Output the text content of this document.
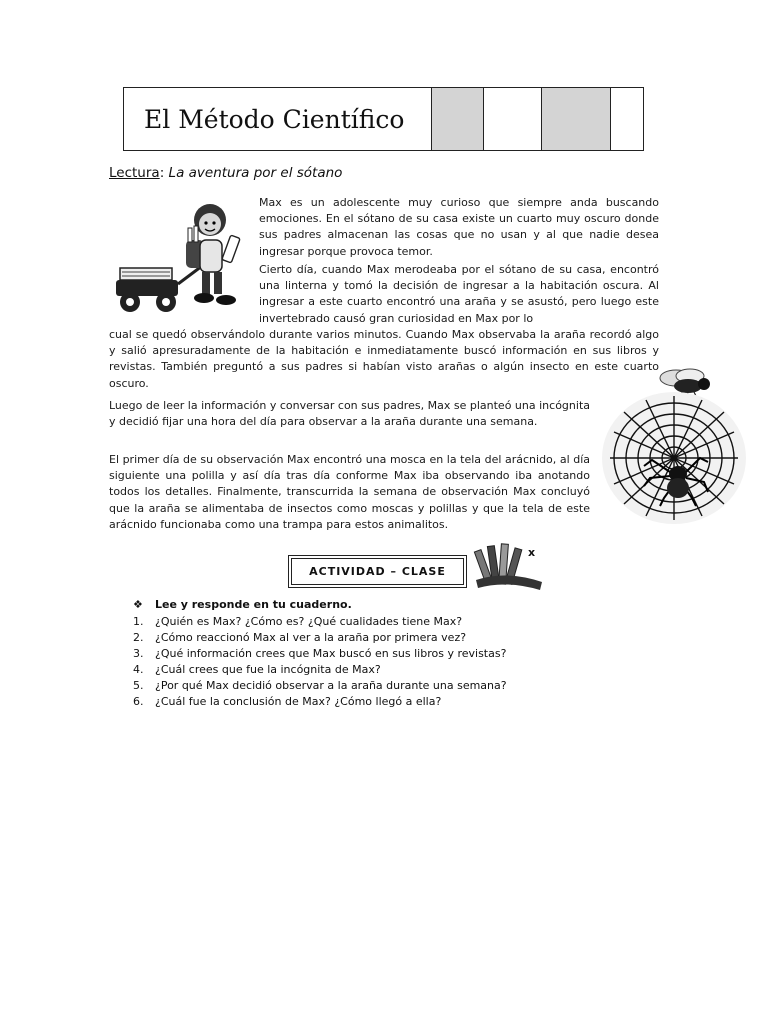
El Método Científico
Lectura: La aventura por el sótano
Max es un adolescente muy curioso que siempre anda buscando emociones. En el sótano de su casa existe un cuarto muy oscuro donde sus padres almacenan las cosas que no usan y al que nadie desea ingresar porque provoca temor.
Cierto día, cuando Max merodeaba por el sótano de su casa, encontró una linterna y tomó la decisión de ingresar a la habitación oscura. Al ingresar a este cuarto encontró una araña y se asustó, pero luego este invertebrado causó gran curiosidad en Max por lo
cual se quedó observándolo durante varios minutos. Cuando Max observaba la araña recordó algo y salió apresuradamente de la habitación e inmediatamente buscó información en sus libros y revistas. También preguntó a sus padres si habían visto arañas o algún insecto en este cuarto oscuro.
Luego de leer la información y conversar con sus padres, Max se planteó una incógnita y decidió fijar una hora del día para observar a la araña durante una semana.
El primer día de su observación Max encontró una mosca en la tela del arácnido, al día siguiente una polilla y así día tras día conforme Max iba observando iba anotando todos los detalles. Finalmente, transcurrida la semana de observación Max concluyó que la araña se alimentaba de insectos como moscas y polillas y que la tela de este arácnido funcionaba como una trampa para estos animalitos.
ACTIVIDAD – CLASE
x
❖ Lee y responde en tu cuaderno.
1.	¿Quién es Max? ¿Cómo es? ¿Qué cualidades tiene Max?
2.	¿Cómo reaccionó Max al ver a la araña por primera vez?
3.	¿Qué información crees que Max buscó en sus libros y revistas?
4.	¿Cuál crees que fue la incógnita de Max?
5.	¿Por qué Max decidió observar a la araña durante una semana?
6.	¿Cuál fue la conclusión de Max? ¿Cómo llegó a ella?
